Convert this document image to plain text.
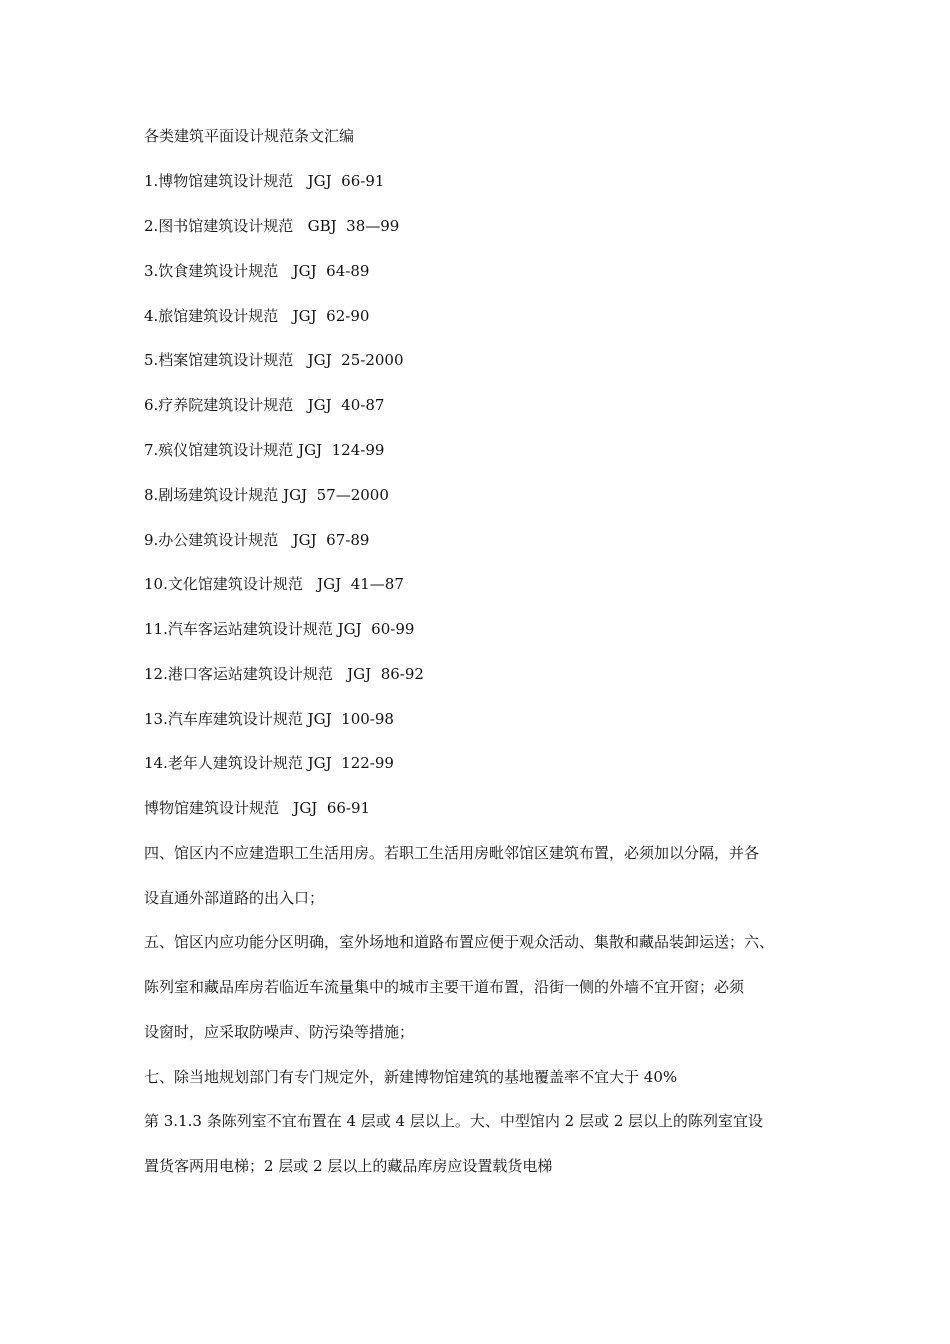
各类建筑平面设计规范条文汇编
1.博物馆建筑设计规范   JGJ  66-91
2.图书馆建筑设计规范   GBJ  38—99
3.饮食建筑设计规范   JGJ  64-89
4.旅馆建筑设计规范   JGJ  62-90
5.档案馆建筑设计规范   JGJ  25-2000
6.疗养院建筑设计规范   JGJ  40-87
7.殡仪馆建筑设计规范 JGJ  124-99
8.剧场建筑设计规范 JGJ  57—2000
9.办公建筑设计规范   JGJ  67-89
10.文化馆建筑设计规范   JGJ  41—87
11.汽车客运站建筑设计规范 JGJ  60-99
12.港口客运站建筑设计规范   JGJ  86-92
13.汽车库建筑设计规范 JGJ  100-98
14.老年人建筑设计规范 JGJ  122-99
博物馆建筑设计规范   JGJ  66-91
四、馆区内不应建造职工生活用房。若职工生活用房毗邻馆区建筑布置，必须加以分隔，并各
设直通外部道路的出入口；
五、馆区内应功能分区明确，室外场地和道路布置应便于观众活动、集散和藏品装卸运送；六、
陈列室和藏品库房若临近车流量集中的城市主要干道布置，沿街一侧的外墙不宜开窗；必须
设窗时，应采取防噪声、防污染等措施；
七、除当地规划部门有专门规定外，新建博物馆建筑的基地覆盖率不宜大于 40%
第 3.1.3 条陈列室不宜布置在 4 层或 4 层以上。大、中型馆内 2 层或 2 层以上的陈列室宜设
置货客两用电梯；2 层或 2 层以上的藏品库房应设置载货电梯
